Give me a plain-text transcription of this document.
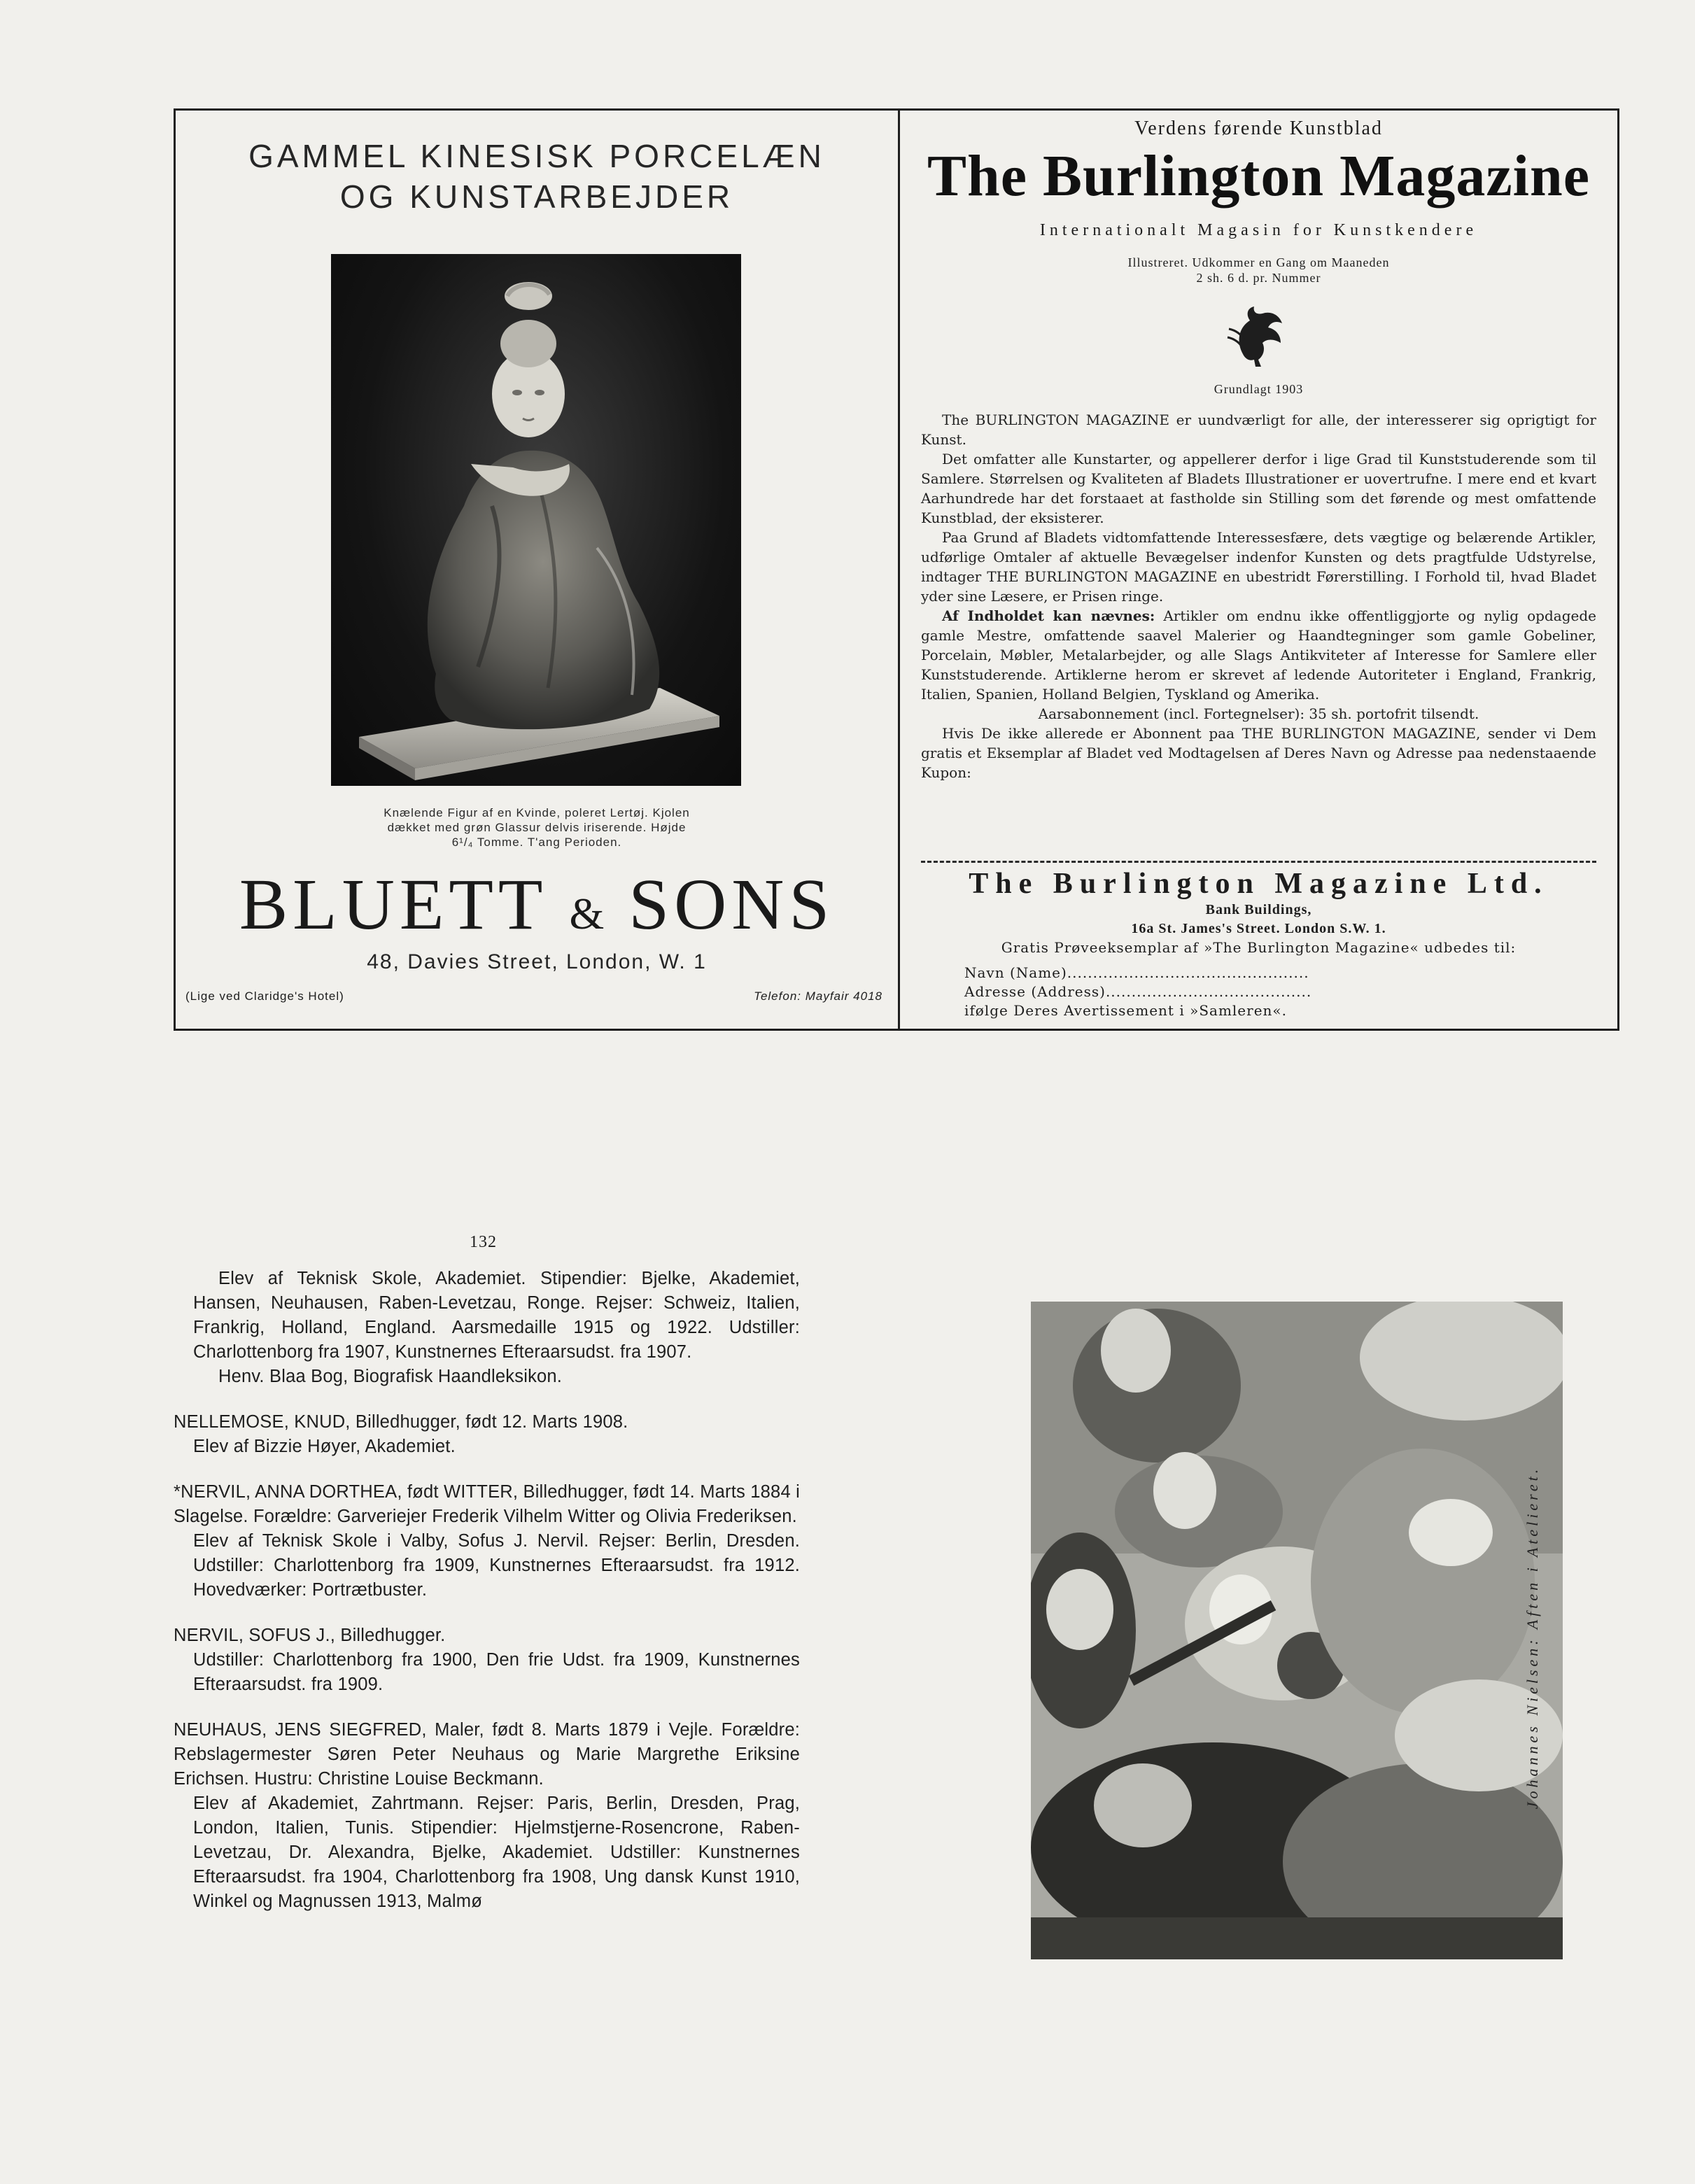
GAMMEL KINESISK PORCELÆN
OG KUNSTARBEJDER
Knælende Figur af en Kvinde, poleret Lertøj. Kjolen
dækket med grøn Glassur delvis iriserende. Højde
6¹/₄ Tomme. T'ang Perioden.
BLUETT & SONS
48, Davies Street, London, W. 1
(Lige ved Claridge's Hotel)	Telefon: Mayfair 4018
Verdens førende Kunstblad
The Burlington Magazine
Internationalt Magasin for Kunstkendere
Illustreret. Udkommer en Gang om Maaneden
2 sh. 6 d. pr. Nummer
Grundlagt 1903

The BURLINGTON MAGAZINE er uundværligt for alle, der interesserer sig oprigtigt for Kunst.

Det omfatter alle Kunstarter, og appellerer derfor i lige Grad til Kunststuderende som til Samlere. Størrelsen og Kvaliteten af Bladets Illustrationer er uovertrufne. I mere end et kvart Aarhundrede har det forstaaet at fastholde sin Stilling som det førende og mest omfattende Kunstblad, der eksisterer.

Paa Grund af Bladets vidtomfattende Interessesfære, dets vægtige og belærende Artikler, udførlige Omtaler af aktuelle Bevægelser indenfor Kunsten og dets pragtfulde Udstyrelse, indtager THE BURLINGTON MAGAZINE en ubestridt Førerstilling. I Forhold til, hvad Bladet yder sine Læsere, er Prisen ringe.

Af Indholdet kan nævnes: Artikler om endnu ikke offentliggjorte og nylig opdagede gamle Mestre, omfattende saavel Malerier og Haandtegninger som gamle Gobeliner, Porcelain, Møbler, Metalarbejder, og alle Slags Antikviteter af Interesse for Samlere eller Kunststuderende. Artiklerne herom er skrevet af ledende Autoriteter i England, Frankrig, Italien, Spanien, Holland Belgien, Tyskland og Amerika.

Aarsabonnement (incl. Fortegnelser): 35 sh. portofrit tilsendt.

Hvis De ikke allerede er Abonnent paa THE BURLINGTON MAGAZINE, sender vi Dem gratis et Eksemplar af Bladet ved Modtagelsen af Deres Navn og Adresse paa nedenstaaende Kupon:

The Burlington Magazine Ltd.
Bank Buildings,
16a St. James's Street. London S.W. 1.
Gratis Prøveeksemplar af »The Burlington Magazine« udbedes til:
Navn (Name)...............................................
Adresse (Address)........................................
ifølge Deres Avertissement i »Samleren«.
132

Elev af Teknisk Skole, Akademiet. Stipendier: Bjelke, Akademiet, Hansen, Neuhausen, Raben-Levetzau, Ronge. Rejser: Schweiz, Italien, Frankrig, Holland, England. Aarsmedaille 1915 og 1922. Udstiller: Charlottenborg fra 1907, Kunstnernes Efteraarsudst. fra 1907.

Henv. Blaa Bog, Biografisk Haandleksikon.

NELLEMOSE, KNUD, Billedhugger, født 12. Marts 1908.

Elev af Bizzie Høyer, Akademiet.

*NERVIL, ANNA DORTHEA, født WITTER, Billedhugger, født 14. Marts 1884 i Slagelse. Forældre: Garveriejer Frederik Vilhelm Witter og Olivia Frederiksen.

Elev af Teknisk Skole i Valby, Sofus J. Nervil. Rejser: Berlin, Dresden. Udstiller: Charlottenborg fra 1909, Kunstnernes Efteraarsudst. fra 1912. Hovedværker: Portrætbuster.

NERVIL, SOFUS J., Billedhugger.

Udstiller: Charlottenborg fra 1900, Den frie Udst. fra 1909, Kunstnernes Efteraarsudst. fra 1909.

NEUHAUS, JENS SIEGFRED, Maler, født 8. Marts 1879 i Vejle. Forældre: Rebslagermester Søren Peter Neuhaus og Marie Margrethe Eriksine Erichsen. Hustru: Christine Louise Beckmann.

Elev af Akademiet, Zahrtmann. Rejser: Paris, Berlin, Dresden, Prag, London, Italien, Tunis. Stipendier: Hjelmstjerne-Rosencrone, Raben-Levetzau, Dr. Alexandra, Bjelke, Akademiet. Udstiller: Kunstnernes Efteraarsudst. fra 1904, Charlottenborg fra 1908, Ung dansk Kunst 1910, Winkel og Magnussen 1913, Malmø

Johannes Nielsen: Aften i Atelieret.
